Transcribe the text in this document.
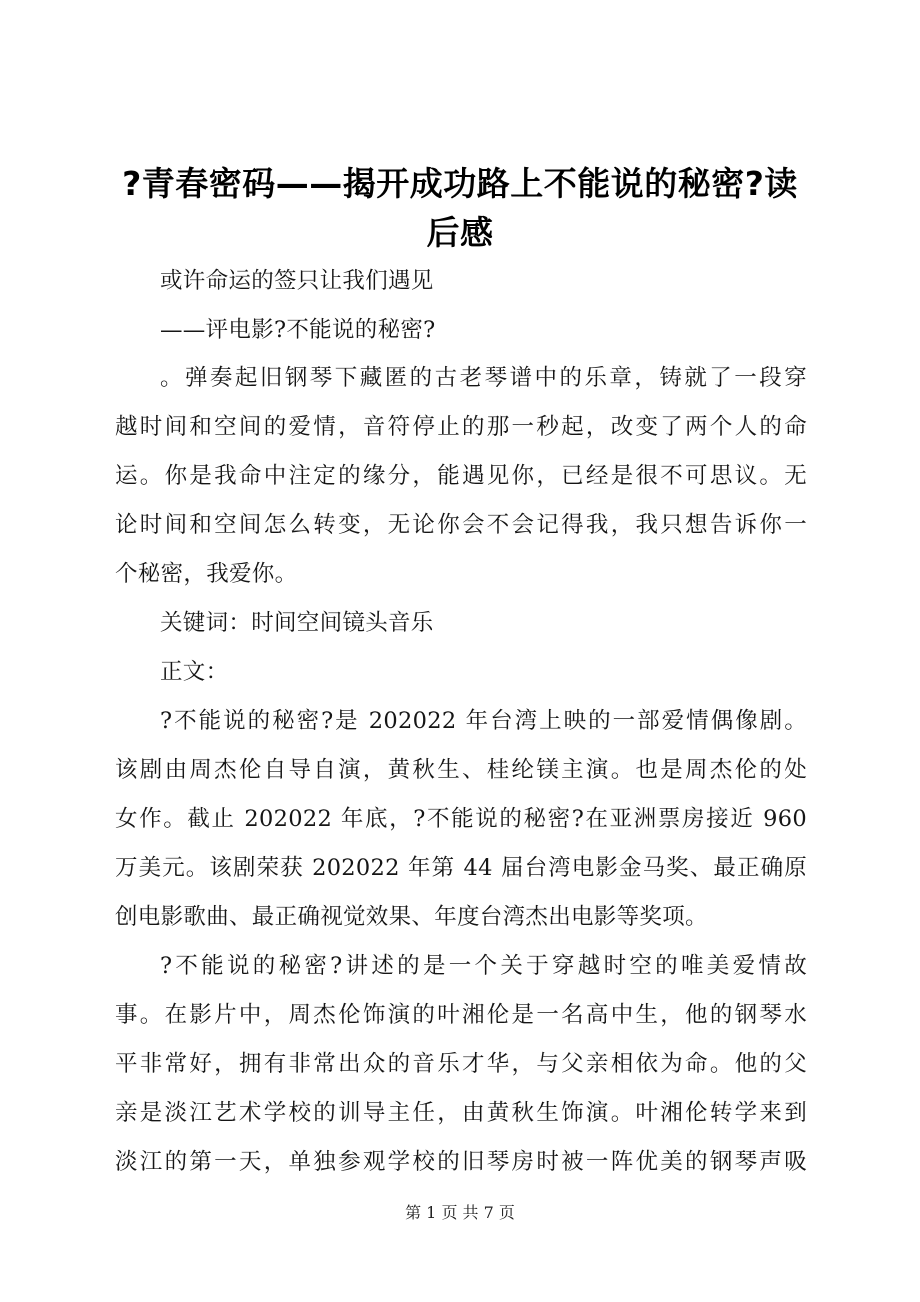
?青春密码——揭开成功路上不能说的秘密?读
后感
或许命运的签只让我们遇见
——评电影?不能说的秘密?
。弹奏起旧钢琴下藏匿的古老琴谱中的乐章，铸就了一段穿
越时间和空间的爱情，音符停止的那一秒起，改变了两个人的命
运。你是我命中注定的缘分，能遇见你，已经是很不可思议。无
论时间和空间怎么转变，无论你会不会记得我，我只想告诉你一
个秘密，我爱你。
关键词：时间空间镜头音乐
正文：
?不能说的秘密?是 202022 年台湾上映的一部爱情偶像剧。
该剧由周杰伦自导自演，黄秋生、桂纶镁主演。也是周杰伦的处
女作。截止 202022 年底，?不能说的秘密?在亚洲票房接近 960
万美元。该剧荣获 202022 年第 44 届台湾电影金马奖、最正确原
创电影歌曲、最正确视觉效果、年度台湾杰出电影等奖项。
?不能说的秘密?讲述的是一个关于穿越时空的唯美爱情故
事。在影片中，周杰伦饰演的叶湘伦是一名高中生，他的钢琴水
平非常好，拥有非常出众的音乐才华，与父亲相依为命。他的父
亲是淡江艺术学校的训导主任，由黄秋生饰演。叶湘伦转学来到
淡江的第一天，单独参观学校的旧琴房时被一阵优美的钢琴声吸
第 1 页 共 7 页
